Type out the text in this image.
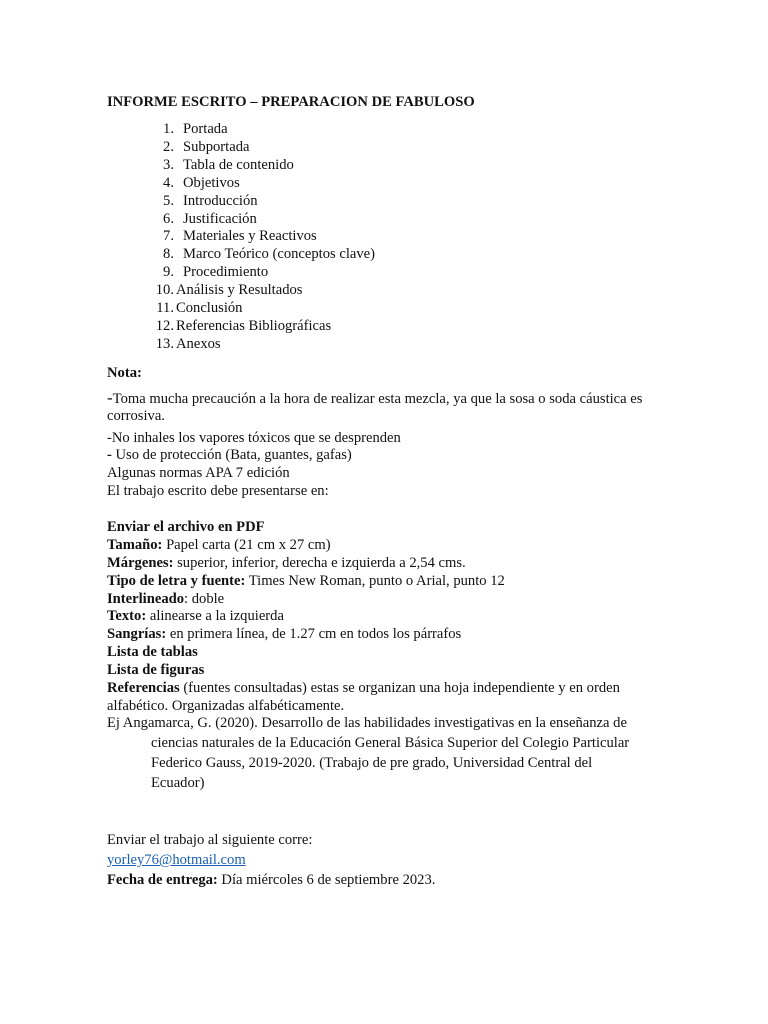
INFORME ESCRITO – PREPARACION DE FABULOSO
1. Portada
2. Subportada
3. Tabla de contenido
4. Objetivos
5. Introducción
6. Justificación
7. Materiales y Reactivos
8. Marco Teórico (conceptos clave)
9. Procedimiento
10. Análisis y Resultados
11. Conclusión
12. Referencias Bibliográficas
13. Anexos
Nota:
-Toma mucha precaución a la hora de realizar esta mezcla, ya que la sosa o soda cáustica es
corrosiva.
-No inhales los vapores tóxicos que se desprenden
- Uso de protección (Bata, guantes, gafas)
Algunas normas APA 7 edición
El trabajo escrito debe presentarse en:
Enviar el archivo en PDF
Tamaño: Papel carta (21 cm x 27 cm)
Márgenes: superior, inferior, derecha e izquierda a 2,54 cms.
Tipo de letra y fuente: Times New Roman, punto o Arial, punto 12
Interlineado: doble
Texto: alinearse a la izquierda
Sangrías: en primera línea, de 1.27 cm en todos los párrafos
Lista de tablas
Lista de figuras
Referencias (fuentes consultadas) estas se organizan una hoja independiente y en orden
alfabético. Organizadas alfabéticamente.
Ej Angamarca, G. (2020). Desarrollo de las habilidades investigativas en la enseñanza de
ciencias naturales de la Educación General Básica Superior del Colegio Particular
Federico Gauss, 2019-2020. (Trabajo de pre grado, Universidad Central del
Ecuador)
Enviar el trabajo al siguiente corre:
yorley76@hotmail.com
Fecha de entrega: Día miércoles 6 de septiembre 2023.
